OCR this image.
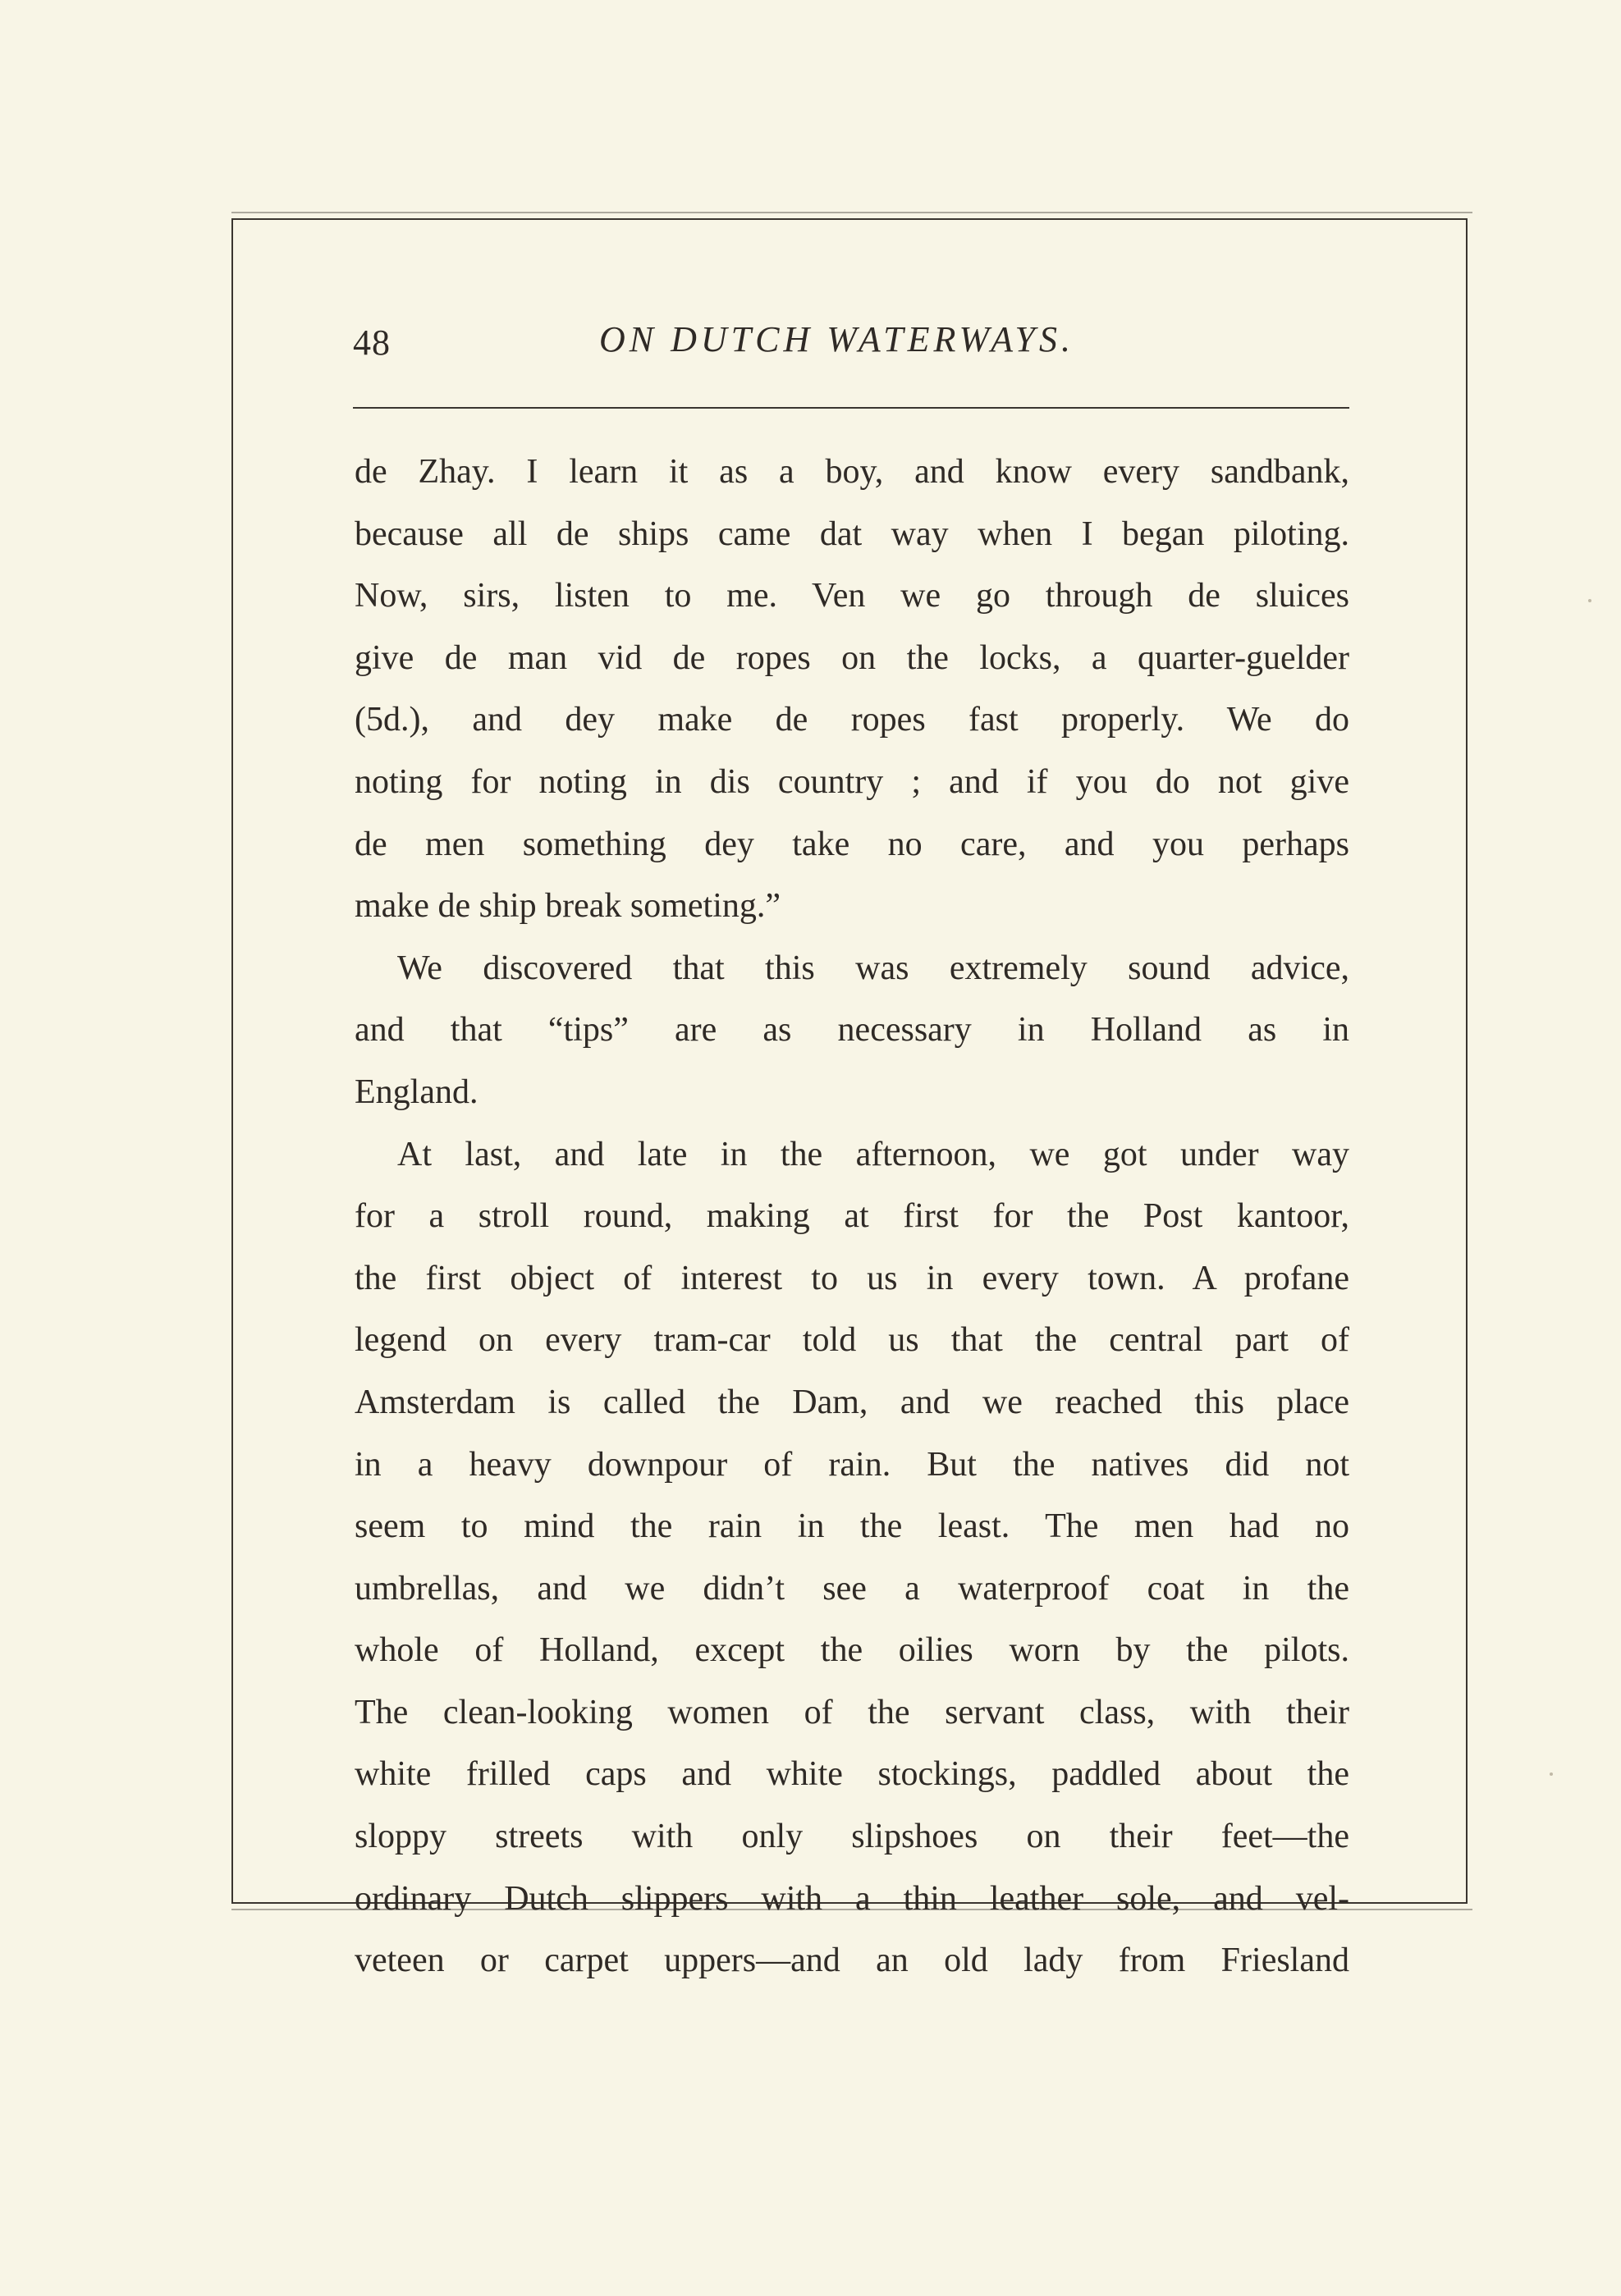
48	ON DUTCH WATERWAYS.
de Zhay. I learn it as a boy, and know every sandbank,
because all de ships came dat way when I began piloting.
Now, sirs, listen to me. Ven we go through de sluices
give de man vid de ropes on the locks, a quarter-guelder
(5d.), and dey make de ropes fast properly. We do
noting for noting in dis country ; and if you do not give
de men something dey take no care, and you perhaps
make de ship break someting.”
We discovered that this was extremely sound advice,
and that “tips” are as necessary in Holland as in
England.
At last, and late in the afternoon, we got under way
for a stroll round, making at first for the Post kantoor,
the first object of interest to us in every town. A profane
legend on every tram-car told us that the central part of
Amsterdam is called the Dam, and we reached this place
in a heavy downpour of rain. But the natives did not
seem to mind the rain in the least. The men had no
umbrellas, and we didn’t see a waterproof coat in the
whole of Holland, except the oilies worn by the pilots.
The clean-looking women of the servant class, with their
white frilled caps and white stockings, paddled about the
sloppy streets with only slipshoes on their feet—the
ordinary Dutch slippers with a thin leather sole, and vel-
veteen or carpet uppers—and an old lady from Friesland
